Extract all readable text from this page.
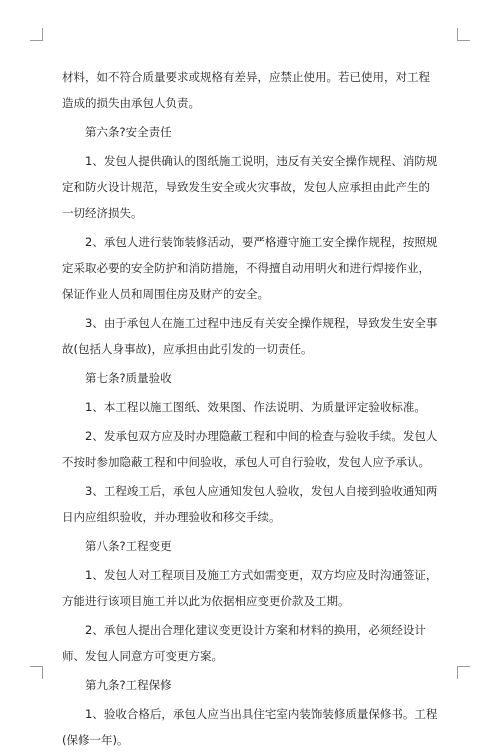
材料，如不符合质量要求或规格有差异，应禁止使用。若已使用，对工程造成的损失由承包人负责。

第六条?安全责任

1、发包人提供确认的图纸施工说明，违反有关安全操作规程、消防规定和防火设计规范，导致发生安全或火灾事故，发包人应承担由此产生的一切经济损失。

2、承包人进行装饰装修活动，要严格遵守施工安全操作规程，按照规定采取必要的安全防护和消防措施，不得擅自动用明火和进行焊接作业，保证作业人员和周围住房及财产的安全。

3、由于承包人在施工过程中违反有关安全操作规程，导致发生安全事故(包括人身事故)，应承担由此引发的一切责任。

第七条?质量验收

1、本工程以施工图纸、效果图、作法说明、为质量评定验收标准。

2、发承包双方应及时办理隐蔽工程和中间的检查与验收手续。发包人不按时参加隐蔽工程和中间验收，承包人可自行验收，发包人应予承认。

3、工程竣工后，承包人应通知发包人验收，发包人自接到验收通知两日内应组织验收，并办理验收和移交手续。

第八条?工程变更

1、发包人对工程项目及施工方式如需变更，双方均应及时沟通签证，方能进行该项目施工并以此为依据相应变更价款及工期。

2、承包人提出合理化建议变更设计方案和材料的换用，必须经设计师、发包人同意方可变更方案。

第九条?工程保修

1、验收合格后，承包人应当出具住宅室内装饰装修质量保修书。工程(保修一年)。
